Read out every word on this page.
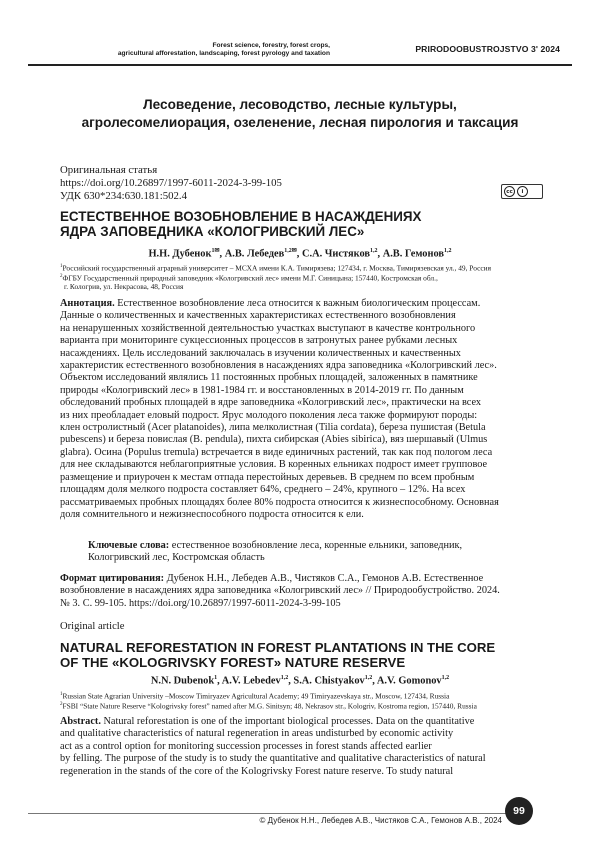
Forest science, forestry, forest crops,
agricultural afforestation, landscaping, forest pyrology and taxation	PRIRODOOBUSTROJSTVO 3' 2024
Лесоведение, лесоводство, лесные культуры,
агролесомелиорация, озеленение, лесная пирология и таксация
Оригинальная статья
https://doi.org/10.26897/1997-6011-2024-3-99-105
УДК 630*234:630.181:502.4	cc	i
ЕСТЕСТВЕННОЕ ВОЗОБНОВЛЕНИЕ В НАСАЖДЕНИЯХ
ЯДРА ЗАПОВЕДНИКА «КОЛОГРИВСКИЙ ЛЕС»
Н.Н. Дубенок$^{1✉}$, А.В. Лебедев$^{1,2✉}$, С.А. Чистяков$^{1,2}$, А.В. Гемонов$^{1,2}$
$^1$Российский государственный аграрный университет – МСХА имени К.А. Тимирязева; 127434, г. Москва, Тимирязевская ул., 49, Россия
$^2$ФГБУ Государственный природный заповедник «Кологривский лес» имени М.Г. Синицына; 157440, Костромская обл.,
г. Кологрив, ул. Некрасова, 48, Россия
Аннотация. Естественное возобновление леса относится к важным биологическим процессам.
Данные о количественных и качественных характеристиках естественного возобновления
на ненарушенных хозяйственной деятельностью участках выступают в качестве контрольного
варианта при мониторинге сукцессионных процессов в затронутых ранее рубками лесных
насаждениях. Цель исследований заключалась в изучении количественных и качественных
характеристик естественного возобновления в насаждениях ядра заповедника «Кологривский лес».
Объектом исследований являлись 11 постоянных пробных площадей, заложенных в памятнике
природы «Кологривский лес» в 1981-1984 гг. и восстановленных в 2014-2019 гг. По данным
обследований пробных площадей в ядре заповедника «Кологривский лес», практически на всех
из них преобладает еловый подрост. Ярус молодого поколения леса также формируют породы:
клен остролистный (Acer platanoides), липа мелколистная (Tilia cordata), береза пушистая (Betula
pubescens) и береза повислая (B. pendula), пихта сибирская (Abies sibirica), вяз шершавый (Ulmus
glabra). Осина (Populus tremula) встречается в виде единичных растений, так как под пологом леса
для нее складываются неблагоприятные условия. В коренных ельниках подрост имеет групповое
размещение и приурочен к местам отпада перестойных деревьев. В среднем по всем пробным
площадям доля мелкого подроста составляет 64%, среднего – 24%, крупного – 12%. На всех
рассматриваемых пробных площадях более 80% подроста относится к жизнеспособному. Основная
доля сомнительного и нежизнеспособного подроста относится к ели.
Ключевые слова: естественное возобновление леса, коренные ельники, заповедник,
Кологривский лес, Костромская область
Формат цитирования: Дубенок Н.Н., Лебедев А.В., Чистяков С.А., Гемонов А.В. Естественное
возобновление в насаждениях ядра заповедника «Кологривский лес» // Природообустройство. 2024.
№ 3. С. 99-105. https://doi.org/10.26897/1997-6011-2024-3-99-105
Original article
NATURAL REFORESTATION IN FOREST PLANTATIONS IN THE CORE
OF THE «KOLOGRIVSKY FOREST» NATURE RESERVE
N.N. Dubenok$^1$, A.V. Lebedev$^{1,2}$, S.A. Chistyakov$^{1,2}$, A.V. Gomonov$^{1,2}$
$^1$Russian State Agrarian University –Moscow Timiryazev Agricultural Academy; 49 Timiryazevskaya str., Moscow, 127434, Russia
$^2$FSBI “State Nature Reserve “Kologrivsky forest” named after M.G. Sinitsyn; 48, Nekrasov str., Kologriv, Kostroma region, 157440, Russia
Abstract. Natural reforestation is one of the important biological processes. Data on the quantitative
and qualitative characteristics of natural regeneration in areas undisturbed by economic activity
act as a control option for monitoring succession processes in forest stands affected earlier
by felling. The purpose of the study is to study the quantitative and qualitative characteristics of natural
regeneration in the stands of the core of the Kologrivsky Forest nature reserve. To study natural
© Дубенок Н.Н., Лебедев А.В., Чистяков С.А., Гемонов А.В., 2024
99
